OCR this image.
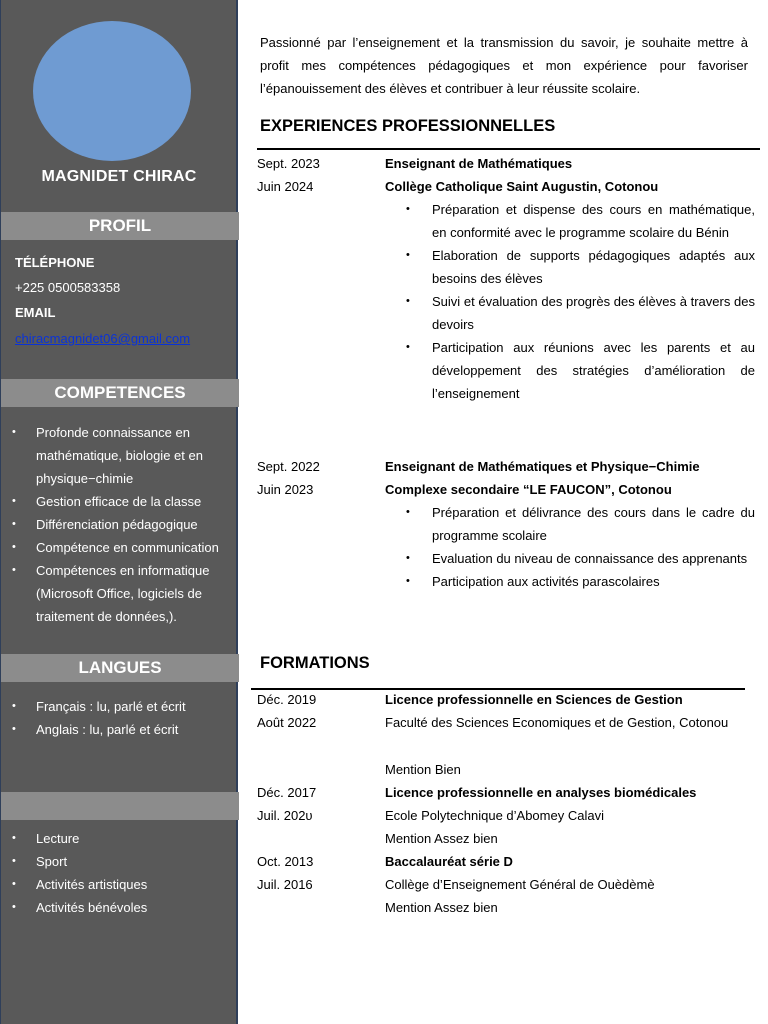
MAGNIDET CHIRAC
PROFIL
TÉLÉPHONE
+225 0500583358
EMAIL
chiracmagnidet06@gmail.com
COMPETENCES
• Profonde connaissance en mathématique, biologie et en physique−chimie
• Gestion efficace de la classe
• Différenciation pédagogique
• Compétence en communication
• Compétences en informatique (Microsoft Office, logiciels de traitement de données,).
LANGUES
• Français : lu, parlé et écrit
• Anglais : lu, parlé et écrit
• Lecture
• Sport
• Activités artistiques
• Activités bénévoles
Passionné par l’enseignement et la transmission du savoir, je souhaite mettre à profit mes compétences pédagogiques et mon expérience pour favoriser l’épanouissement des élèves et contribuer à leur réussite scolaire.
EXPERIENCES PROFESSIONNELLES
Sept. 2023	Enseignant de Mathématiques
Juin 2024	Collège Catholique Saint Augustin, Cotonou
• Préparation et dispense des cours en mathématique, en conformité avec le programme scolaire du Bénin
• Elaboration de supports pédagogiques adaptés aux besoins des élèves
• Suivi et évaluation des progrès des élèves à travers des devoirs
• Participation aux réunions avec les parents et au développement des stratégies d’amélioration de l’enseignement
Sept. 2022	Enseignant de Mathématiques et Physique−Chimie
Juin 2023	Complexe secondaire “LE FAUCON”, Cotonou
• Préparation et délivrance des cours dans le cadre du programme scolaire
• Evaluation du niveau de connaissance des apprenants
• Participation aux activités parascolaires
FORMATIONS
Déc. 2019	Licence professionnelle en Sciences de Gestion
Août 2022	Faculté des Sciences Economiques et de Gestion, Cotonou
Mention Bien
Déc. 2017	Licence professionnelle en analyses biomédicales
Juil. 202υ	Ecole Polytechnique d’Abomey Calavi
Mention Assez bien
Oct. 2013	Baccalauréat série D
Juil. 2016	Collège d’Enseignement Général de Ouèdèmè
Mention Assez bien
